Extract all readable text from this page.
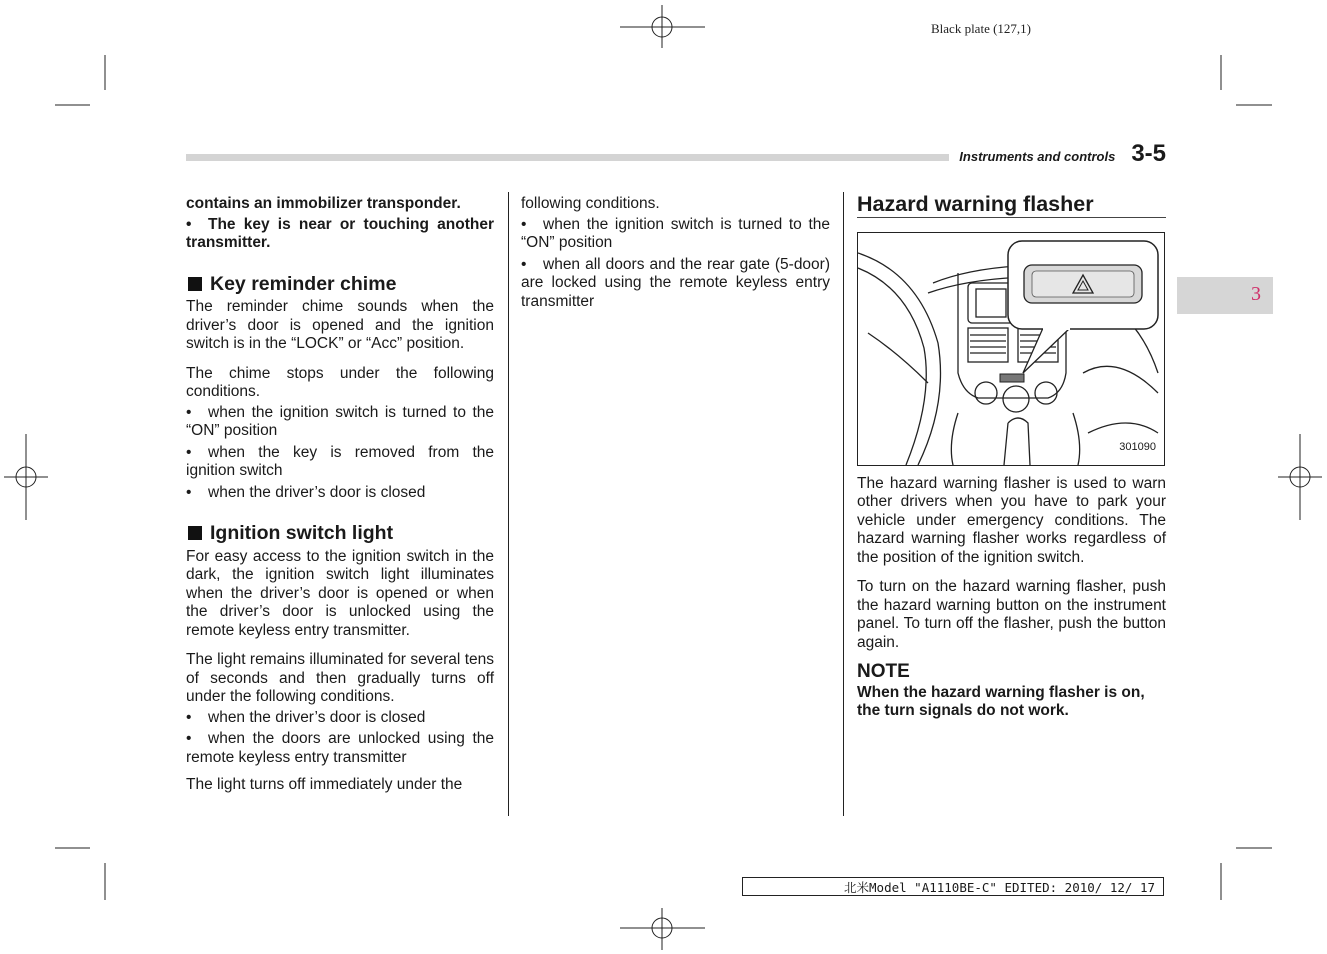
Black plate (127,1)
Instruments and controls 3-5
3

contains an immobilizer transponder.

• The key is near or touching another transmitter.
Key reminder chime

The reminder chime sounds when the driver’s door is opened and the ignition switch is in the “LOCK” or “Acc” position.

The chime stops under the following conditions.

• when the ignition switch is turned to the “ON” position
• when the key is removed from the ignition switch
• when the driver’s door is closed
Ignition switch light

For easy access to the ignition switch in the dark, the ignition switch light illuminates when the driver’s door is opened or when the driver’s door is unlocked using the remote keyless entry transmitter.

The light remains illuminated for several tens of seconds and then gradually turns off under the following conditions.

• when the driver’s door is closed
• when the doors are unlocked using the remote keyless entry transmitter

The light turns off immediately under the

following conditions.

• when the ignition switch is turned to the “ON” position
• when all doors and the rear gate (5-door) are locked using the remote keyless entry transmitter
Hazard warning flasher
301090

The hazard warning flasher is used to warn other drivers when you have to park your vehicle under emergency conditions. The hazard warning flasher works regardless of the position of the ignition switch.

To turn on the hazard warning flasher, push the hazard warning button on the instrument panel. To turn off the flasher, push the button again.

NOTE

When the hazard warning flasher is on, the turn signals do not work.

北米Model "A1110BE-C" EDITED: 2010/ 12/ 17
